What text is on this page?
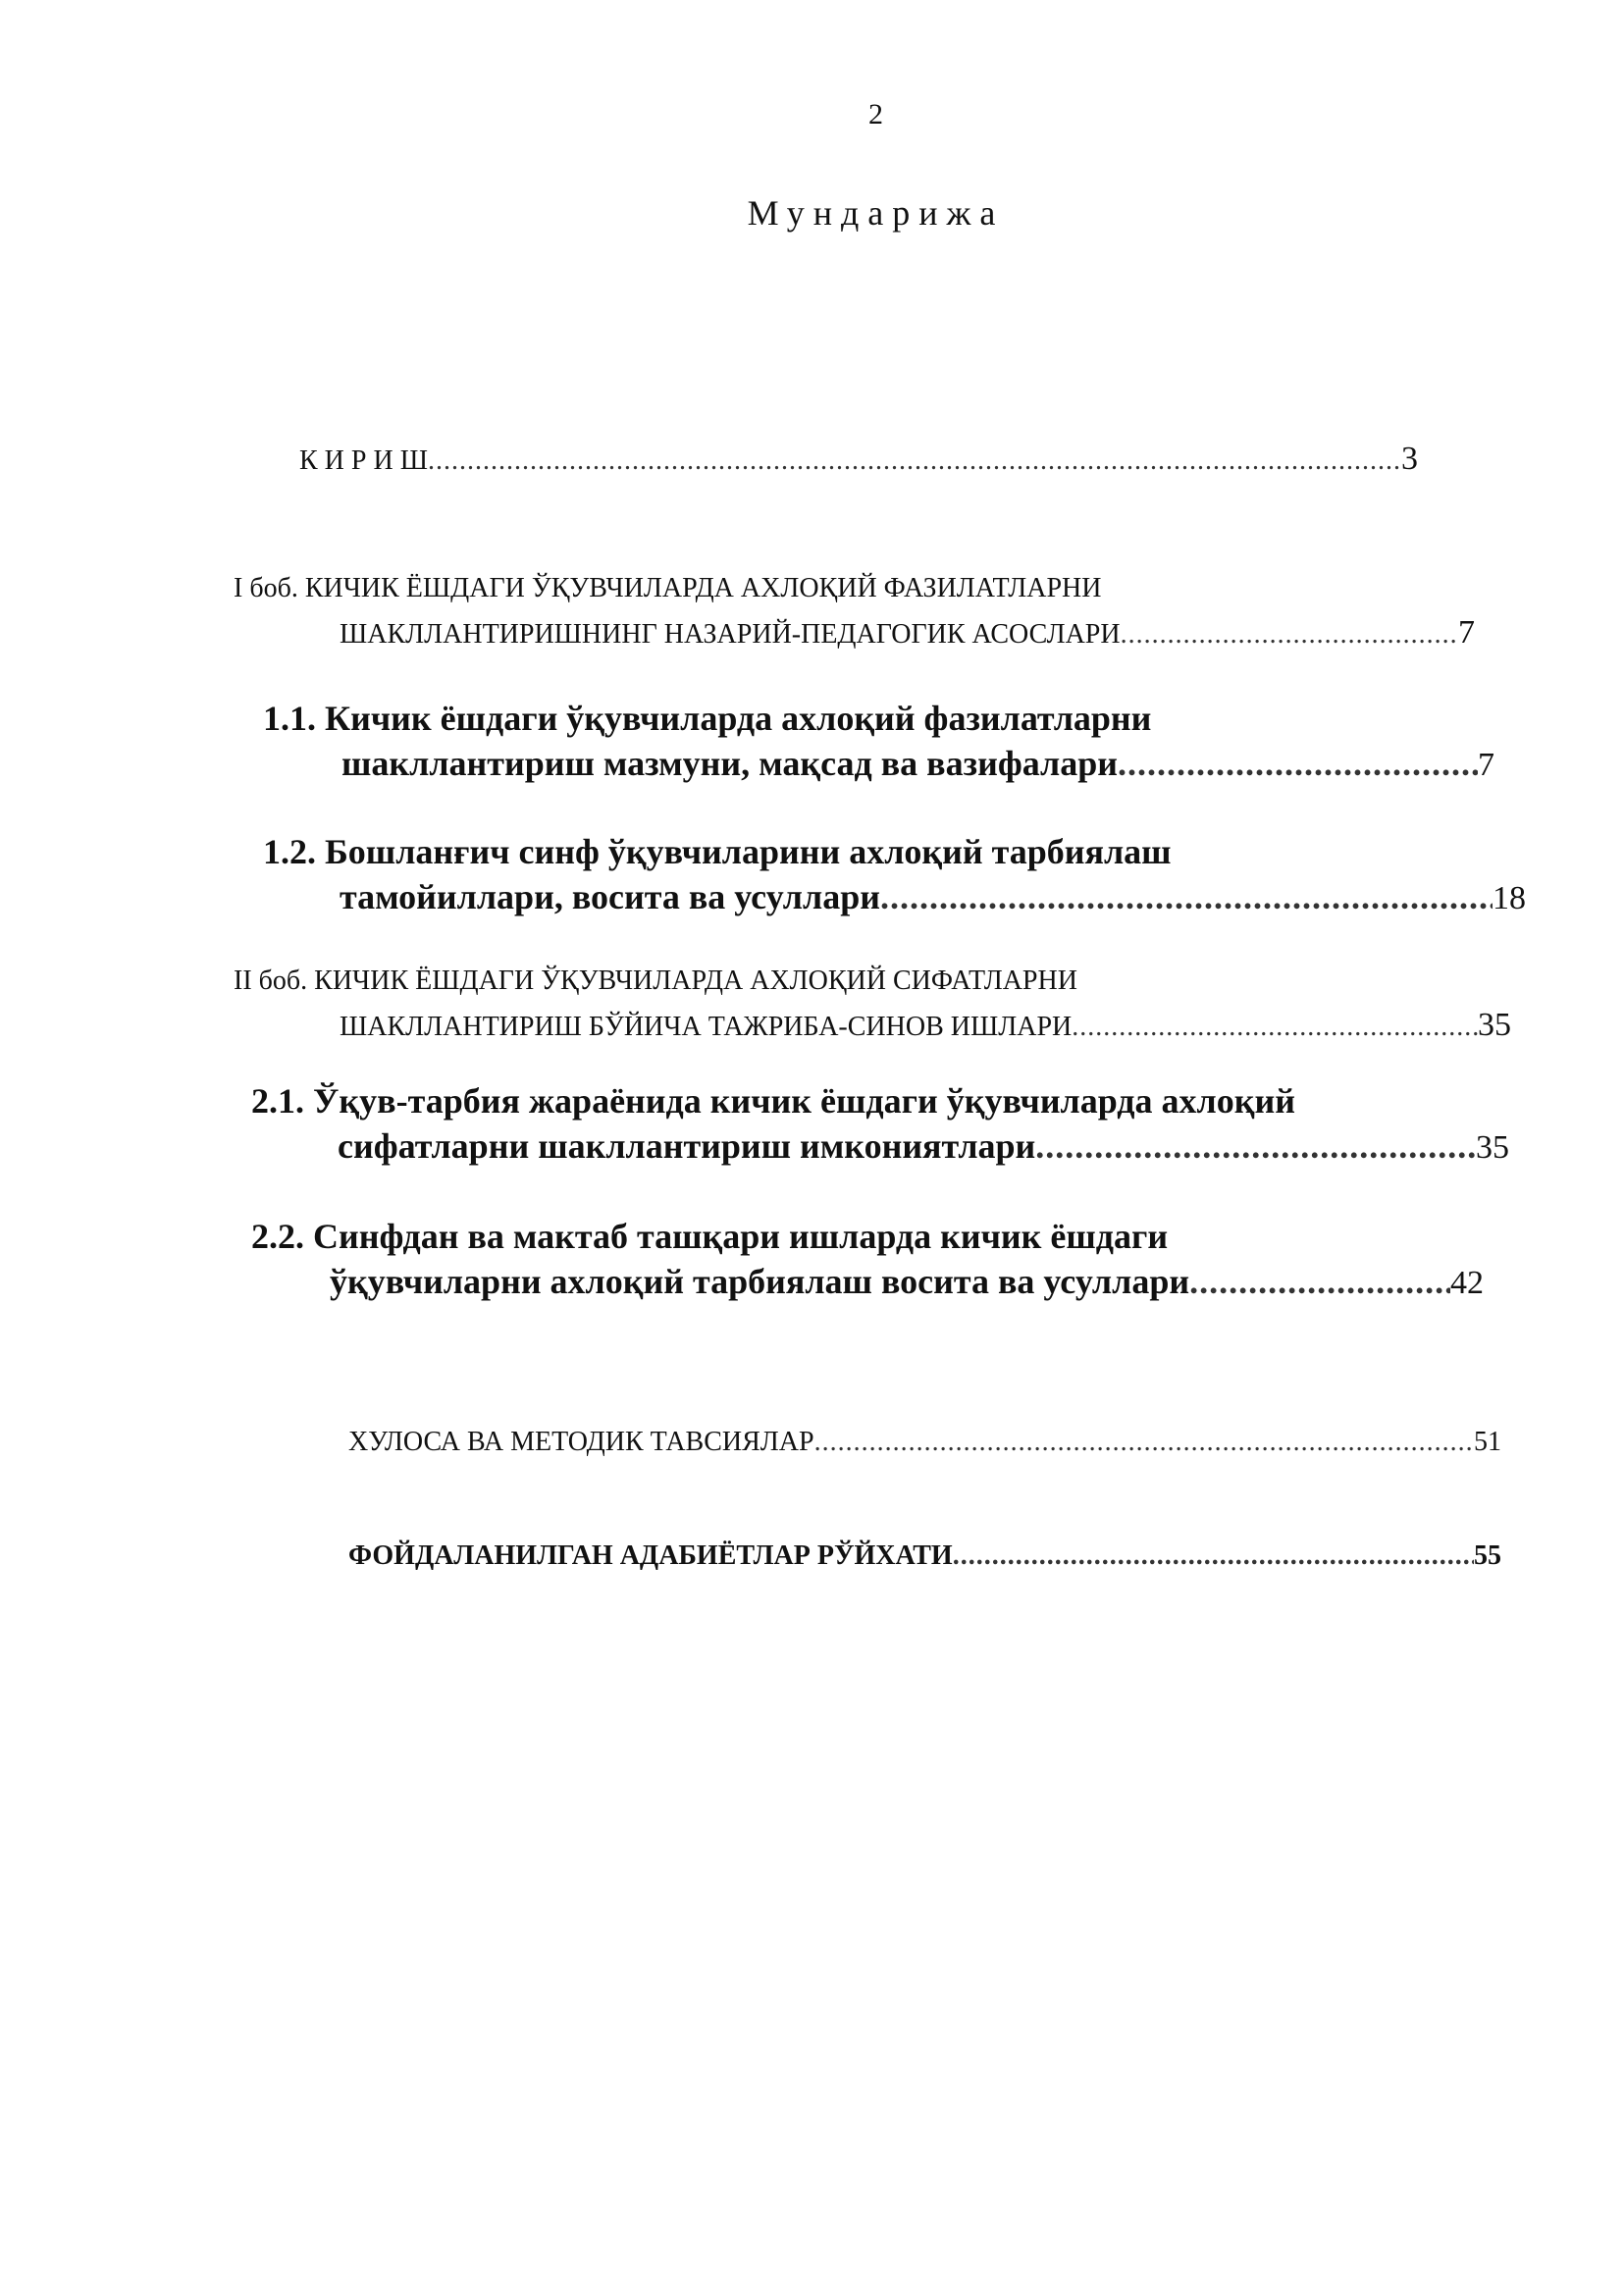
2
Мундарижа
К И Р И Ш .....	3
I боб. КИЧИК ЁШДАГИ ЎҚУВЧИЛАРДА АХЛОҚИЙ ФАЗИЛАТЛАРНИ
ШАКЛЛАНТИРИШНИНГ НАЗАРИЙ-ПЕДАГОГИК АСОСЛАРИ .....	7
1.1. Кичик ёшдаги ўқувчиларда ахлоқий фазилатларни
шакллантириш мазмуни, мақсад ва вазифалари .....	7
1.2. Бошланғич синф ўқувчиларини ахлоқий тарбиялаш
тамойиллари, восита ва усуллари .....	18
II боб. КИЧИК ЁШДАГИ ЎҚУВЧИЛАРДА АХЛОҚИЙ СИФАТЛАРНИ
ШАКЛЛАНТИРИШ БЎЙИЧА ТАЖРИБА-СИНОВ ИШЛАРИ .....	35
2.1. Ўқув-тарбия жараёнида кичик ёшдаги ўқувчиларда ахлоқий
сифатларни шакллантириш имкониятлари .....	35
2.2. Синфдан ва мактаб ташқари ишларда кичик ёшдаги
ўқувчиларни ахлоқий тарбиялаш восита ва усуллари .....	42
ХУЛОСА ВА МЕТОДИК ТАВСИЯЛАР .....	51
ФОЙДАЛАНИЛГАН АДАБИЁТЛАР РЎЙХАТИ .....	55
